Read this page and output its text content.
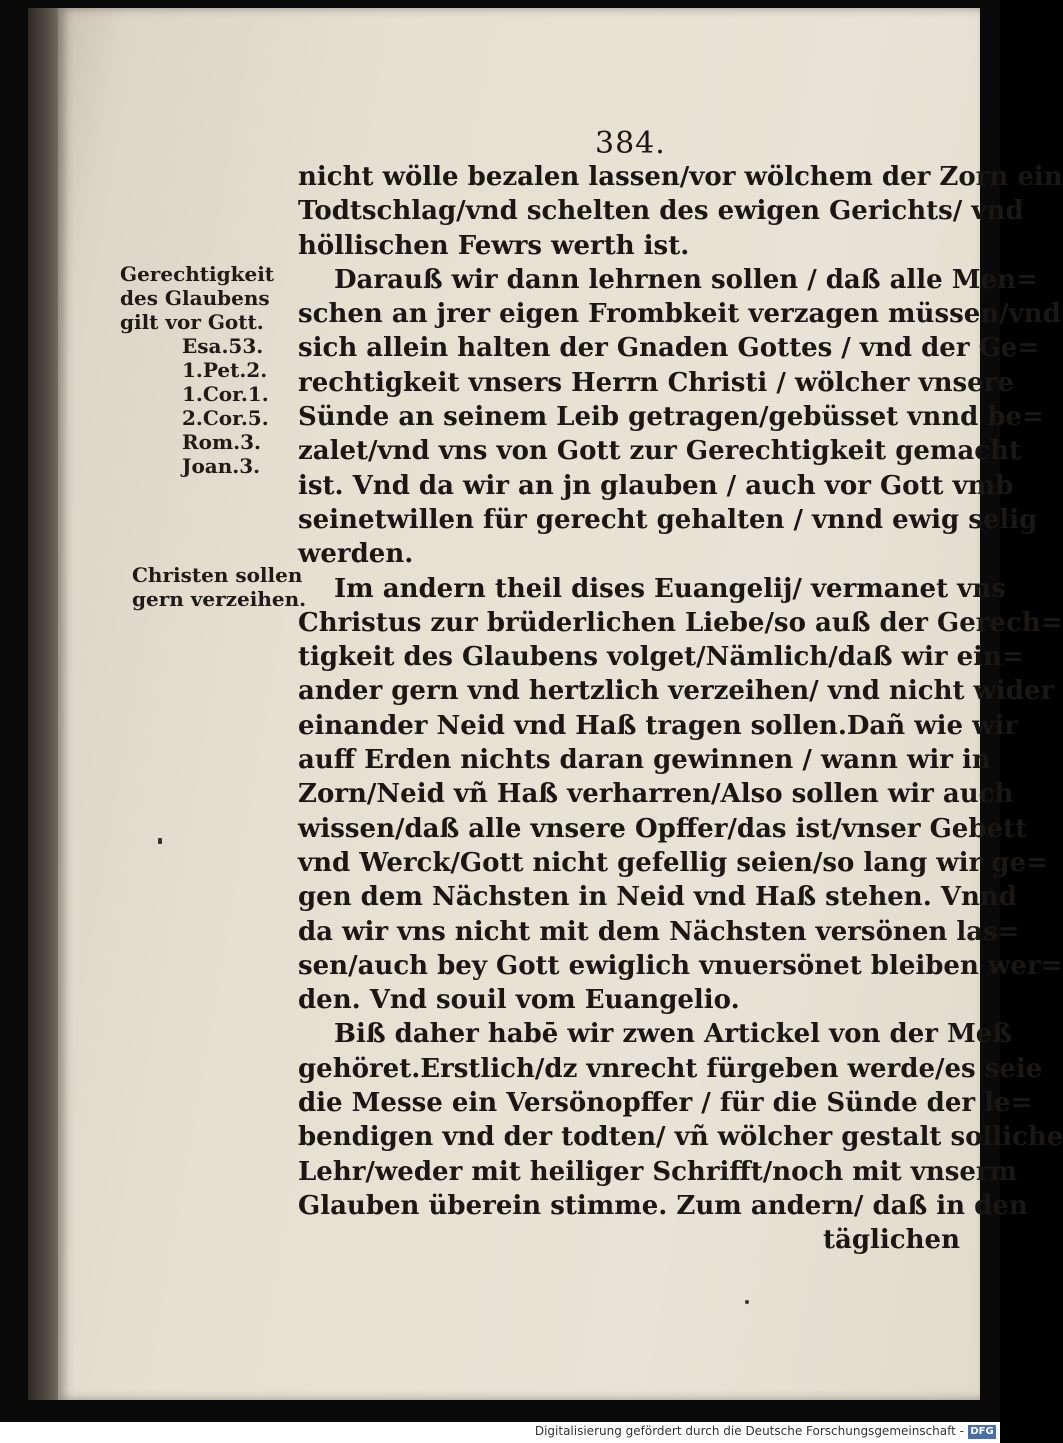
384.
nicht wölle bezalen lassen/vor wölchem der Zorn ein
Todtschlag/vnd schelten des ewigen Gerichts/ vnd
höllischen Fewrs werth ist.
Darauß wir dann lehrnen sollen / daß alle Men=
schen an jrer eigen Frombkeit verzagen müssen/vnd
sich allein halten der Gnaden Gottes / vnd der Ge=
rechtigkeit vnsers Herrn Christi / wölcher vnsere
Sünde an seinem Leib getragen/gebüsset vnnd be=
zalet/vnd vns von Gott zur Gerechtigkeit gemacht
ist. Vnd da wir an jn glauben / auch vor Gott vmb
seinetwillen für gerecht gehalten / vnnd ewig selig
werden.
Im andern theil dises Euangelij/ vermanet vns
Christus zur brüderlichen Liebe/so auß der Gerech=
tigkeit des Glaubens volget/Nämlich/daß wir ein=
ander gern vnd hertzlich verzeihen/ vnd nicht wider
einander Neid vnd Haß tragen sollen.Dañ wie wir
auff Erden nichts daran gewinnen / wann wir in
Zorn/Neid vñ Haß verharren/Also sollen wir auch
wissen/daß alle vnsere Opffer/das ist/vnser Gebett
vnd Werck/Gott nicht gefellig seien/so lang wir ge=
gen dem Nächsten in Neid vnd Haß stehen. Vnnd
da wir vns nicht mit dem Nächsten versönen las=
sen/auch bey Gott ewiglich vnuersönet bleiben wer=
den. Vnd souil vom Euangelio.
Biß daher habē wir zwen Artickel von der Meß
gehöret.Erstlich/dz vnrecht fürgeben werde/es seie
die Messe ein Versönopffer / für die Sünde der le=
bendigen vnd der todten/ vñ wölcher gestalt solliche
Lehr/weder mit heiliger Schrifft/noch mit vnserm
Glauben überein stimme. Zum andern/ daß in den
täglichen
Gerechtigkeit
des Glaubens
gilt vor Gott.
Esa.53.
1.Pet.2.
1.Cor.1.
2.Cor.5.
Rom.3.
Joan.3.
Christen sollen
gern verzeihen.
Digitalisierung gefördert durch die Deutsche Forschungsgemeinschaft - DFG
